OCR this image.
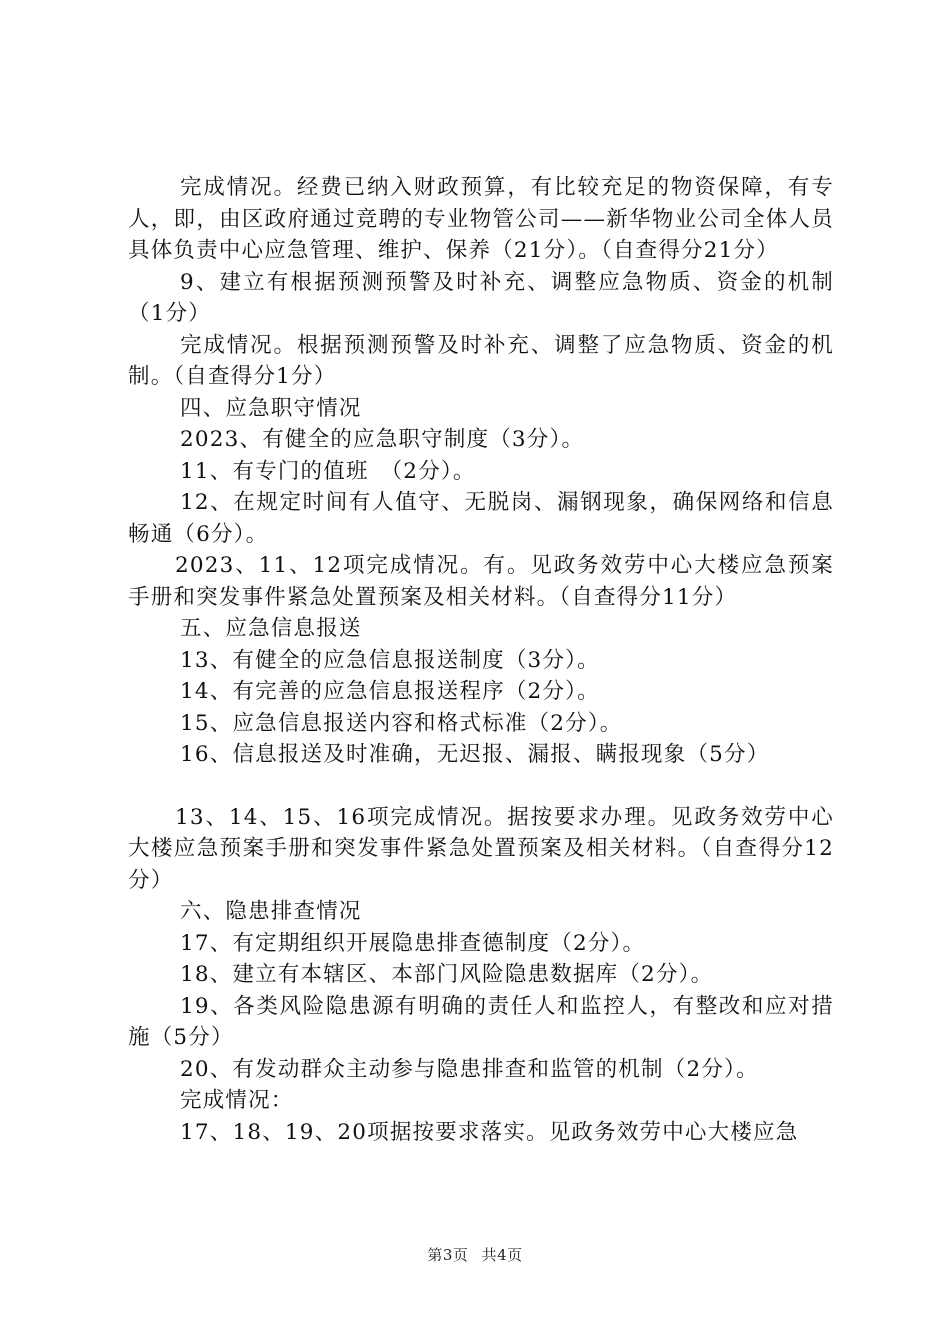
完成情况。经费已纳入财政预算，有比较充足的物资保障，有专人，即，由区政府通过竞聘的专业物管公司——新华物业公司全体人员具体负责中心应急管理、维护、保养（21分）。（自查得分21分）

9、建立有根据预测预警及时补充、调整应急物质、资金的机制（1分）

完成情况。根据预测预警及时补充、调整了应急物质、资金的机制。（自查得分1分）

四、应急职守情况

2023、有健全的应急职守制度（3分）。

11、有专门的值班　（2分）。

12、在规定时间有人值守、无脱岗、漏钢现象，确保网络和信息畅通（6分）。

2023、11、12项完成情况。有。见政务效劳中心大楼应急预案手册和突发事件紧急处置预案及相关材料。（自查得分11分）

五、应急信息报送

13、有健全的应急信息报送制度（3分）。

14、有完善的应急信息报送程序（2分）。

15、应急信息报送内容和格式标准（2分）。

16、信息报送及时准确，无迟报、漏报、瞒报现象（5分）

13、14、15、16项完成情况。据按要求办理。见政务效劳中心大楼应急预案手册和突发事件紧急处置预案及相关材料。（自查得分12分）

六、隐患排查情况

17、有定期组织开展隐患排查德制度（2分）。

18、建立有本辖区、本部门风险隐患数据库（2分）。

19、各类风险隐患源有明确的责任人和监控人，有整改和应对措施（5分）

20、有发动群众主动参与隐患排查和监管的机制（2分）。

完成情况：

17、18、19、20项据按要求落实。见政务效劳中心大楼应急

第3页 共4页
